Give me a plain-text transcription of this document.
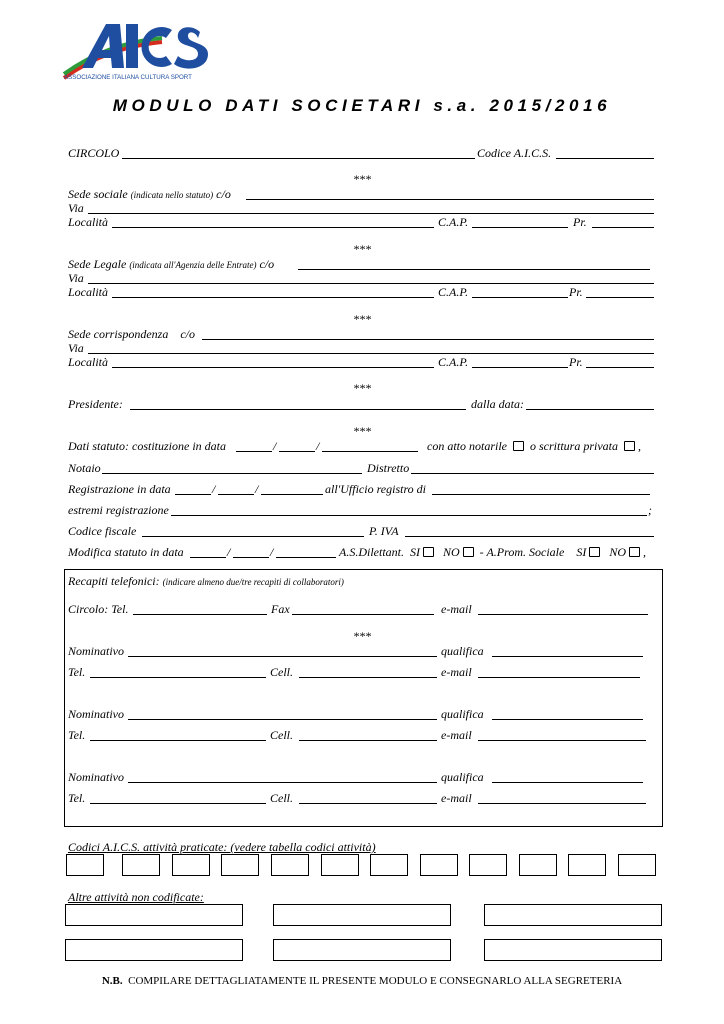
ASSOCIAZIONE ITALIANA CULTURA SPORT
MODULO DATI SOCIETARI s.a. 2015/2016
CIRCOLO	Codice A.I.C.S.
***
Sede sociale (indicata nello statuto) c/o
Via
Località	C.A.P.	Pr.
***
Sede Legale (indicata all'Agenzia delle Entrate) c/o
Via
Località	C.A.P.	Pr.
***
Sede corrispondenza c/o
Via
Località	C.A.P.	Pr.
***
Presidente:	dalla data:
***
Dati statuto: costituzione in data	/	/	con atto notarile o scrittura privata ,
Notaio	Distretto
Registrazione in data	/	/	all'Ufficio registro di
estremi registrazione	;
Codice fiscale	P. IVA
Modifica statuto in data	/	/	A.S.Dilettant. SI NO - A.Prom. Sociale SI NO ,
Recapiti telefonici: (indicare almeno due/tre recapiti di collaboratori)
Circolo: Tel.	Fax	e-mail
***
Nominativo	qualifica
Tel.	Cell.	e-mail
Nominativo	qualifica
Tel.	Cell.	e-mail
Nominativo	qualifica
Tel.	Cell.	e-mail
Codici A.I.C.S. attività praticate: (vedere tabella codici attività)
Altre attività non codificate:
N.B. COMPILARE DETTAGLIATAMENTE IL PRESENTE MODULO E CONSEGNARLO ALLA SEGRETERIA
